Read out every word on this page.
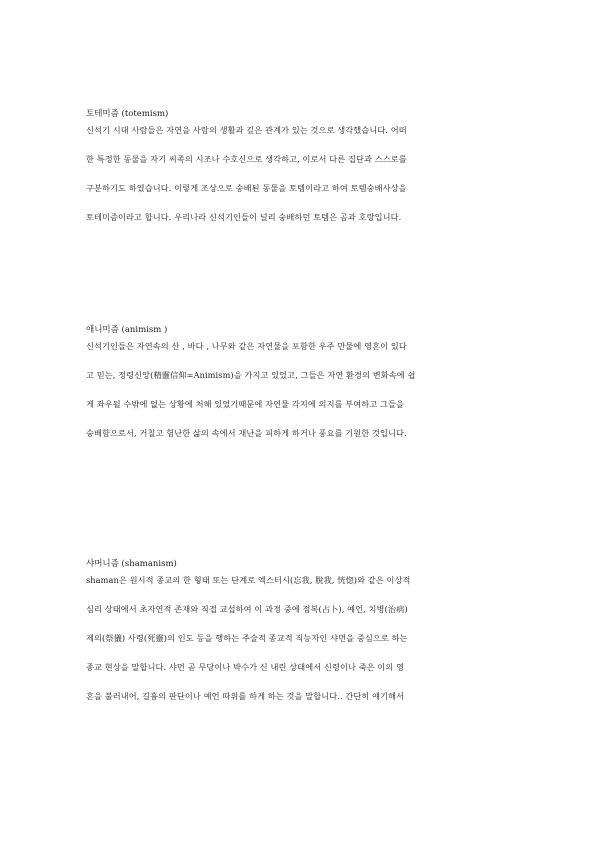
토테미즘 (totemism)

신석기 시대 사람들은 자연을 사람의 생활과 깊은 관계가 있는 것으로 생각했습니다. 어떠

한 특정한 동물을 자기 씨족의 시조나 수호신으로 생각하고, 이로서 다른 집단과 스스로를

구분하기도 하였습니다. 이렇게 조상으로 숭배된 동물을 토템이라고 하여 토템숭배사상을

토테미즘이라고 합니다. 우리나라 신석기인들이 널리 숭배하던 토템은 곰과 호랑입니다.

애니미즘 (animism )

신석기인들은 자연속의 산 , 바다 , 나무와 같은 자연물을 포함한 우주 만물에 영혼이 있다

고 믿는, 정령신앙(精靈信仰=Animism)을 가지고 있었고, 그들은 자연 환경의 변화속에 쉽

게 좌우될 수밖에 없는 상황에 처해 있었기때문에 자연물 각지에 의지를 부여하고 그들을

숭배함으로서, 거칠고 험난한 삶의 속에서 재난을 피하게 하거나 풍요를 기원한 것입니다.

샤머니즘 (shamanism)

shaman은 원시적 종교의 한 형태 또는 단계로 엑스터시(忘我, 脫我, 恍惚)와 같은 이상적

심리 상태에서 초자연적 존재와 직접 교섭하여 이 과정 중에 점복(占卜), 예언, 치병(治病)

제의(祭儀) 사령(死靈)의 인도 등을 행하는 주술적 종교적 직능자인 샤먼을 중심으로 하는

종교 현상을 말합니다. 샤먼 곧 무당이나 박수가 신 내린 상태에서 신령이나 죽은 이의 영

혼을 불러내어, 길흉의 판단이나 예언 따위를 하게 하는 것을 말합니다.. 간단히 얘기해서
